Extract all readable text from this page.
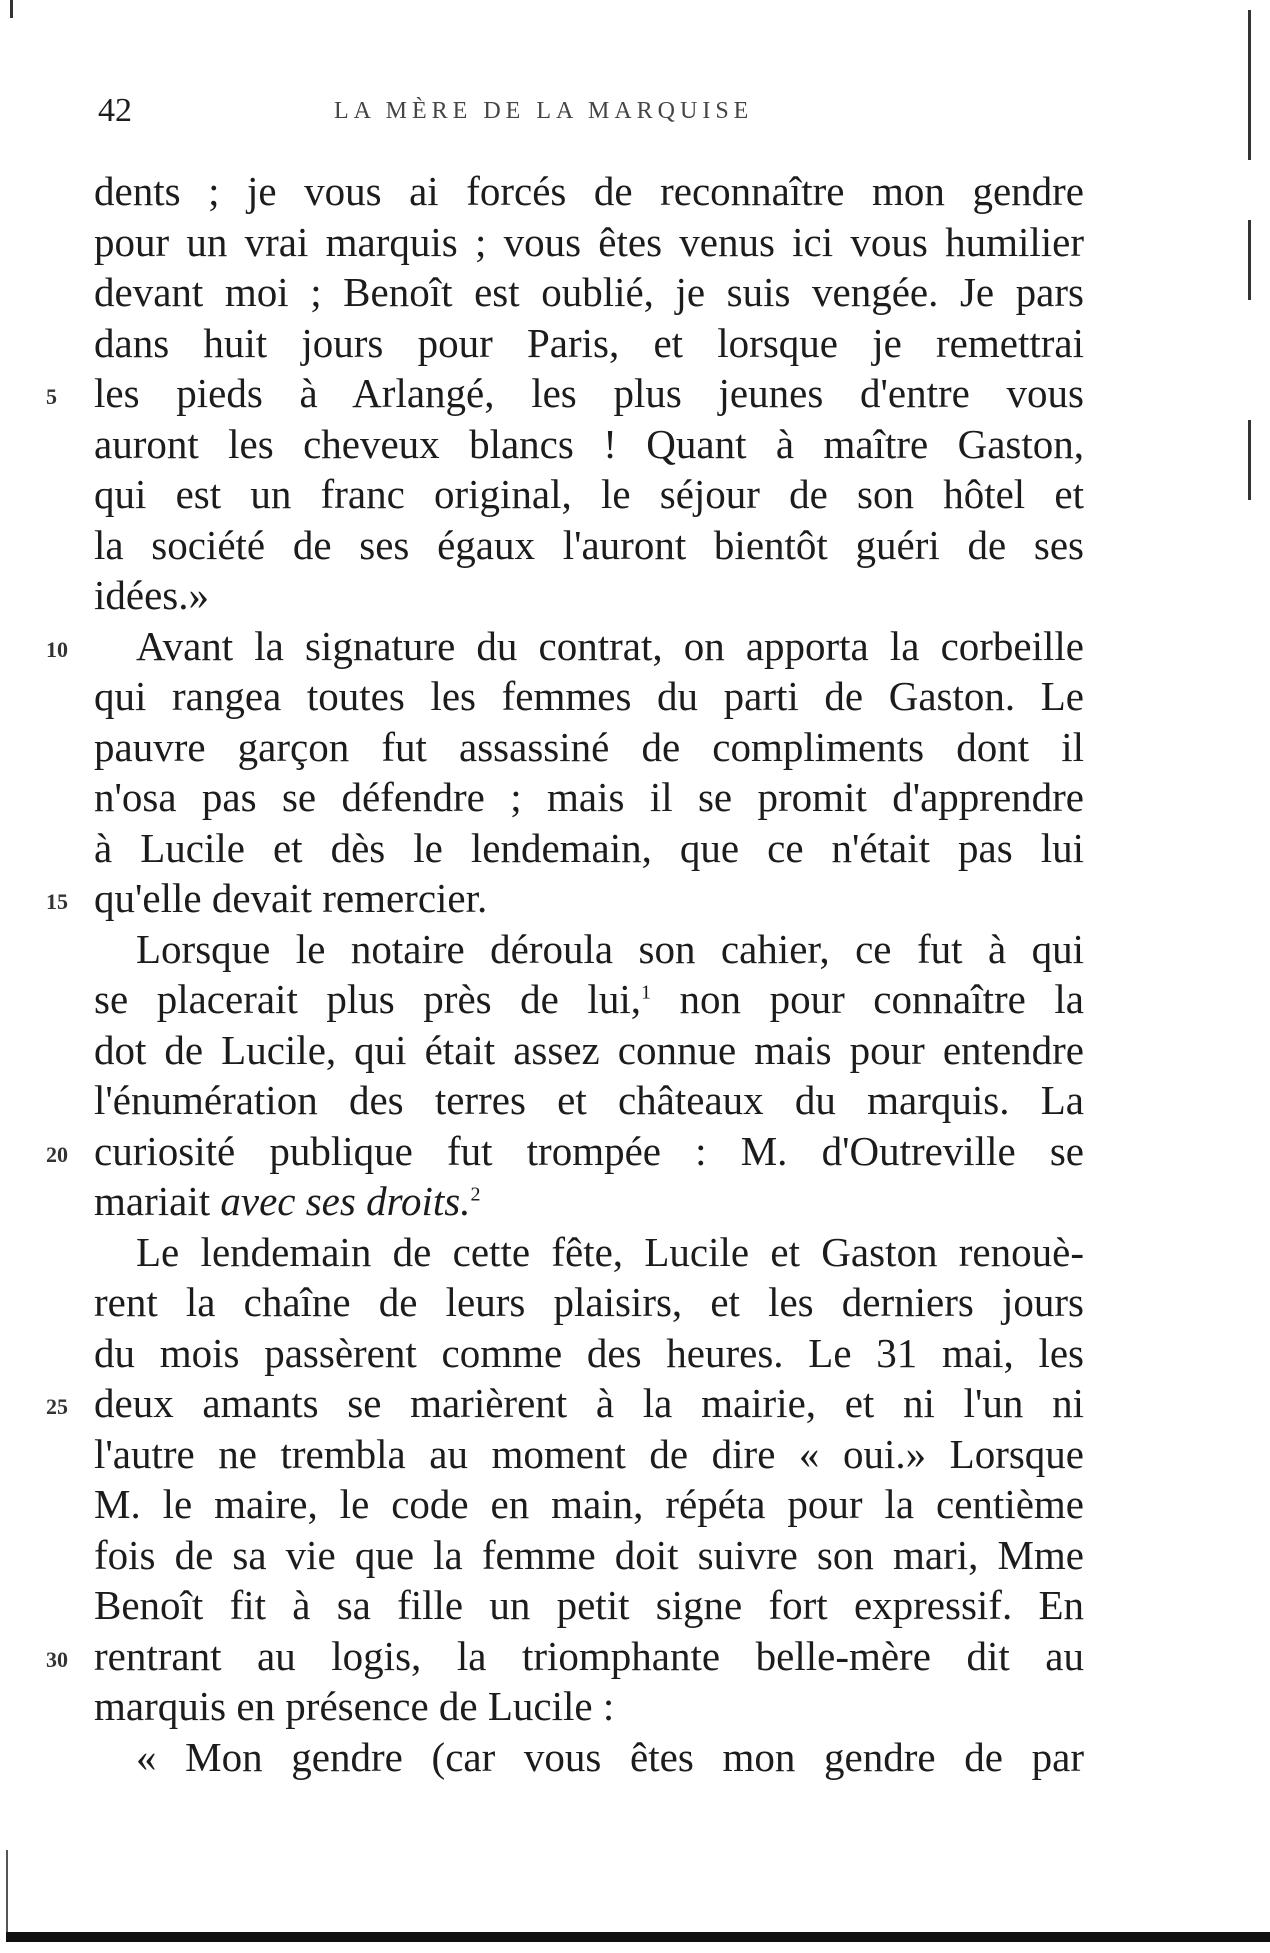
42	LA MÈRE DE LA MARQUISE
dents ; je vous ai forcés de reconnaître mon gendre
pour un vrai marquis ; vous êtes venus ici vous humilier
devant moi ; Benoît est oublié, je suis vengée. Je pars
dans huit jours pour Paris, et lorsque je remettrai
5 les pieds à Arlangé, les plus jeunes d'entre vous
auront les cheveux blancs ! Quant à maître Gaston,
qui est un franc original, le séjour de son hôtel et
la société de ses égaux l'auront bientôt guéri de ses
idées.»
10	Avant la signature du contrat, on apporta la corbeille
qui rangea toutes les femmes du parti de Gaston. Le
pauvre garçon fut assassiné de compliments dont il
n'osa pas se défendre ; mais il se promit d'apprendre
à Lucile et dès le lendemain, que ce n'était pas lui
15 qu'elle devait remercier.
Lorsque le notaire déroula son cahier, ce fut à qui
se placerait plus près de lui,$^1$ non pour connaître la
dot de Lucile, qui était assez connue mais pour entendre
l'énumération des terres et châteaux du marquis. La
20 curiosité publique fut trompée : M. d'Outreville se
mariait avec ses droits.$^2$
Le lendemain de cette fête, Lucile et Gaston renouè-
rent la chaîne de leurs plaisirs, et les derniers jours
du mois passèrent comme des heures. Le 31 mai, les
25 deux amants se marièrent à la mairie, et ni l'un ni
l'autre ne trembla au moment de dire « oui.» Lorsque
M. le maire, le code en main, répéta pour la centième
fois de sa vie que la femme doit suivre son mari, Mme
Benoît fit à sa fille un petit signe fort expressif. En
30 rentrant au logis, la triomphante belle-mère dit au
marquis en présence de Lucile :
« Mon gendre (car vous êtes mon gendre de par
